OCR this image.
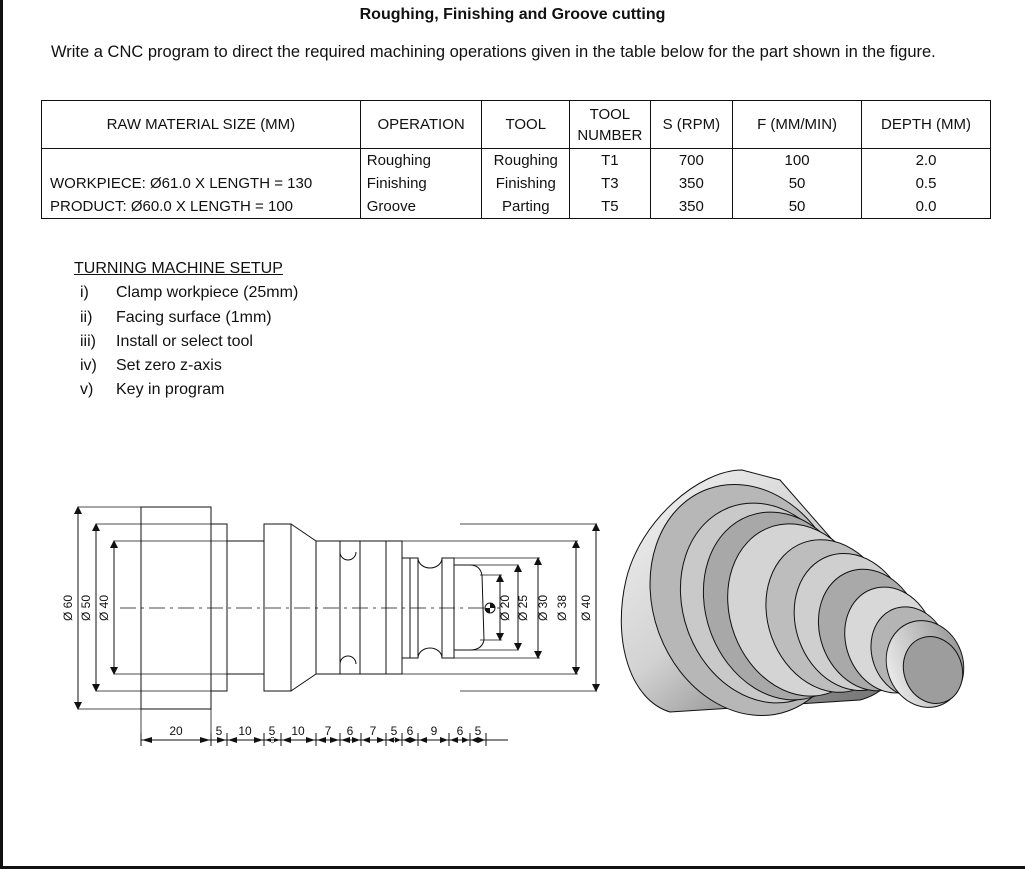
Roughing, Finishing and Groove cutting
Write a CNC program to direct the required machining operations given in the table below for the part shown in the figure.
RAW MATERIAL SIZE (MM)	OPERATION	TOOL	TOOL NUMBER	S (RPM)	F (MM/MIN)	DEPTH (MM)
	Roughing	Roughing	T1	700	100	2.0
WORKPIECE: Ø61.0 X LENGTH = 130	Finishing	Finishing	T3	350	50	0.5
PRODUCT: Ø60.0 X LENGTH = 100	Groove	Parting	T5	350	50	0.0
TURNING MACHINE SETUP
i)	Clamp workpiece (25mm)
ii)	Facing surface (1mm)
iii)	Install or select tool
iv)	Set zero z-axis
v)	Key in program
Ø 60 Ø 50 Ø 40	Ø 20 Ø 25 Ø 30 Ø 38 Ø 40
20	5 10 5 10 7 6 7 5 6 9 6 5
